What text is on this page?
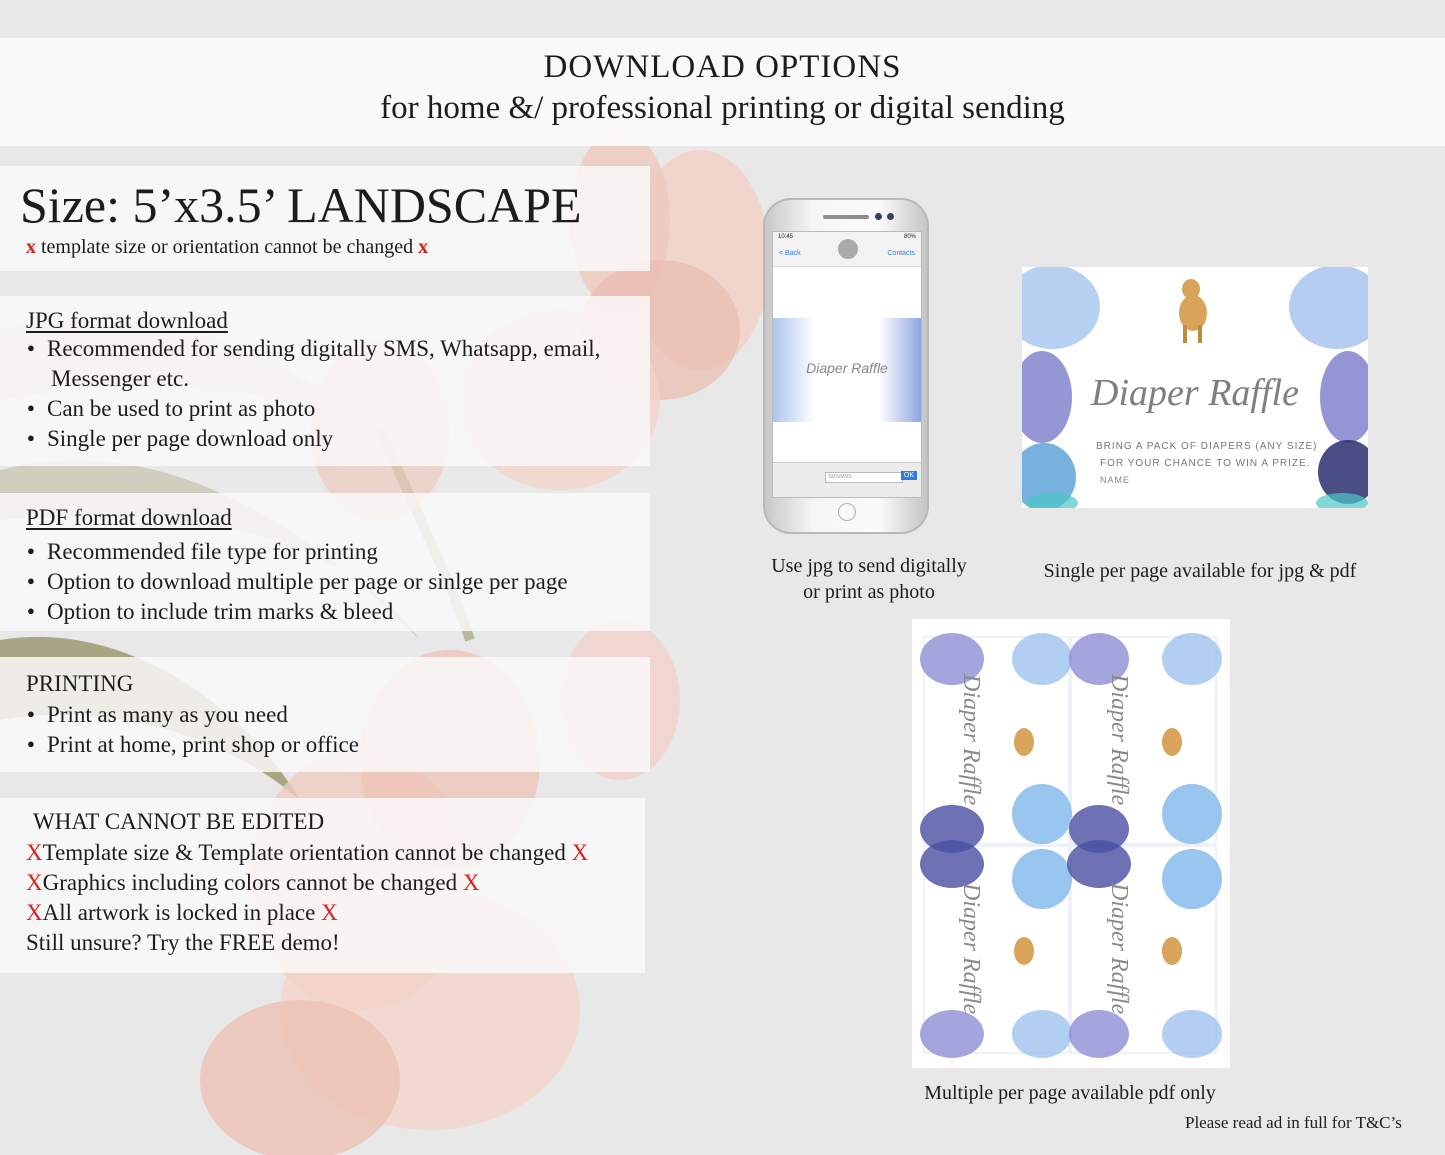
DOWNLOAD OPTIONS
for home &/ professional printing or digital sending
Size: 5’x3.5’ LANDSCAPE
x template size or orientation cannot be changed x
JPG format download
● Recommended for sending digitally SMS, Whatsapp, email,
Messenger etc.
● Can be used to print as photo
● Single per page download only
PDF format download
● Recommended file type for printing
● Option to download multiple per page or sinlge per page
● Option to include trim marks & bleed
PRINTING
● Print as many as you need
● Print at home, print shop or office
WHAT CANNOT BE EDITED
XTemplate size & Template orientation cannot be changed X
XGraphics including colors cannot be changed X
XAll artwork is locked in place X
Still unsure? Try the FREE demo!
10:45	80%
< Back	Contacts
Diaper Raffle
SMS/MMS	OK
Diaper Raffle
BRING A PACK OF DIAPERS (ANY SIZE)
FOR YOUR CHANCE TO WIN A PRIZE.
NAME
Use jpg to send digitally
or print as photo
Single per page available for jpg & pdf
Diaper Raffle	Diaper Raffle
Diaper Raffle	Diaper Raffle
Multiple per page available pdf only
Please read ad in full for T&C’s
